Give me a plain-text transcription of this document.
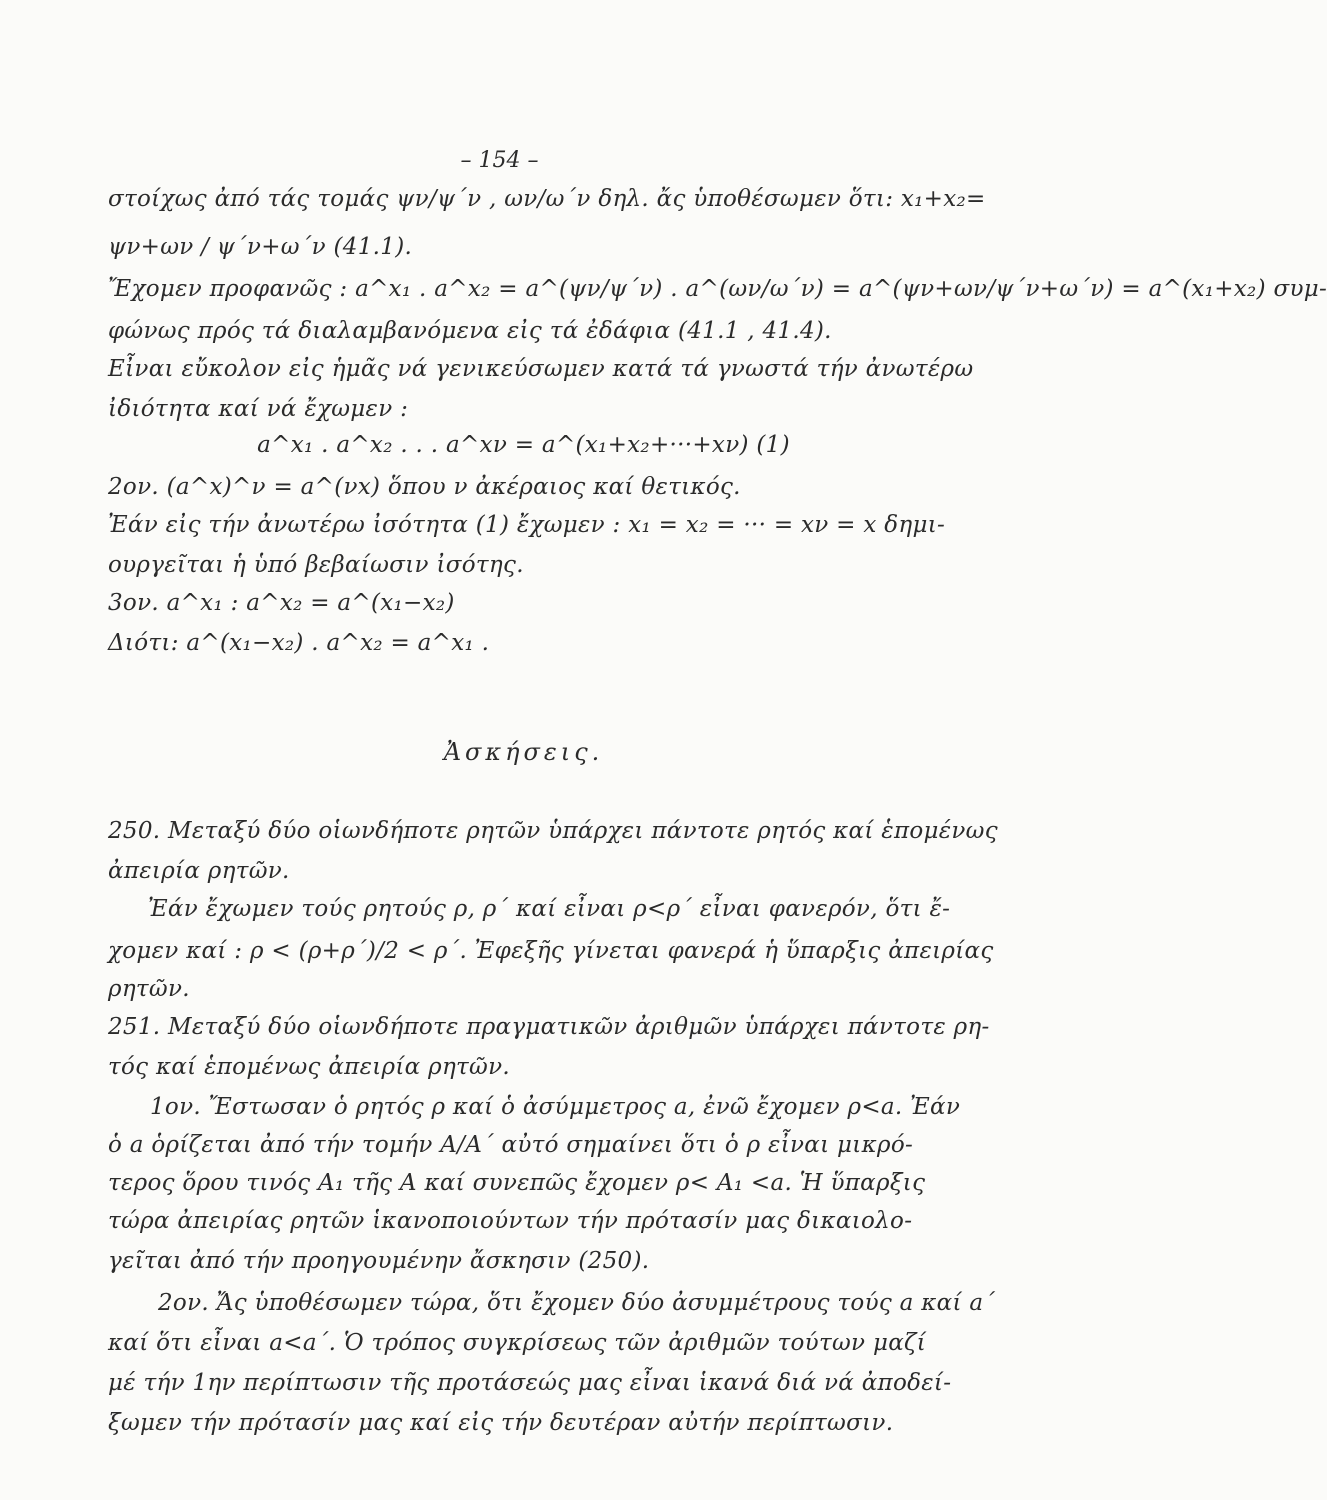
– 154 –
στοίχως ἀπό τάς τομάς ψν/ψ΄ν , ων/ω΄ν δηλ. ἄς ὑποθέσωμεν ὅτι: x₁+x₂=
ψν+ων / ψ΄ν+ω΄ν (41.1).
Ἔχομεν προφανῶς : a^x₁ . a^x₂ = a^(ψν/ψ΄ν) . a^(ων/ω΄ν) = a^(ψν+ων/ψ΄ν+ω΄ν) = a^(x₁+x₂) συμ-
φώνως πρός τά διαλαμβανόμενα εἰς τά ἐδάφια (41.1 , 41.4).
Εἶναι εὔκολον εἰς ἡμᾶς νά γενικεύσωμεν κατά τά γνωστά τήν ἀνωτέρω
ἰδιότητα καί νά ἔχωμεν :
a^x₁ . a^x₂ . . . a^xν = a^(x₁+x₂+···+xν) (1)
2ον. (a^x)^ν = a^(νx) ὅπου ν ἀκέραιος καί θετικός.
Ἐάν εἰς τήν ἀνωτέρω ἰσότητα (1) ἔχωμεν : x₁ = x₂ = ··· = xν = x δημι-
ουργεῖται ἡ ὑπό βεβαίωσιν ἰσότης.
3ον. a^x₁ : a^x₂ = a^(x₁−x₂)
Διότι: a^(x₁−x₂) . a^x₂ = a^x₁ .
Ἀσκήσεις.
250. Μεταξύ δύο οἱωνδήποτε ρητῶν ὑπάρχει πάντοτε ρητός καί ἑπομένως
ἀπειρία ρητῶν.
Ἐάν ἔχωμεν τούς ρητούς ρ, ρ΄ καί εἶναι ρ<ρ΄ εἶναι φανερόν, ὅτι ἔ-
χομεν καί : ρ < (ρ+ρ΄)/2 < ρ΄. Ἐφεξῆς γίνεται φανερά ἡ ὕπαρξις ἀπειρίας
ρητῶν.
251. Μεταξύ δύο οἱωνδήποτε πραγματικῶν ἀριθμῶν ὑπάρχει πάντοτε ρη-
τός καί ἑπομένως ἀπειρία ρητῶν.
1ον. Ἔστωσαν ὁ ρητός ρ καί ὁ ἀσύμμετρος a, ἐνῶ ἔχομεν ρ<a. Ἐάν
ὁ a ὁρίζεται ἀπό τήν τομήν A/A΄ αὐτό σημαίνει ὅτι ὁ ρ εἶναι μικρό-
τερος ὅρου τινός A₁ τῆς A καί συνεπῶς ἔχομεν ρ< A₁ <a. Ἡ ὕπαρξις
τώρα ἀπειρίας ρητῶν ἱκανοποιούντων τήν πρότασίν μας δικαιολο-
γεῖται ἀπό τήν προηγουμένην ἄσκησιν (250).
2ον. Ἄς ὑποθέσωμεν τώρα, ὅτι ἔχομεν δύο ἀσυμμέτρους τούς a καί a΄
καί ὅτι εἶναι a<a΄. Ὁ τρόπος συγκρίσεως τῶν ἀριθμῶν τούτων μαζί
μέ τήν 1ην περίπτωσιν τῆς προτάσεώς μας εἶναι ἱκανά διά νά ἀποδεί-
ξωμεν τήν πρότασίν μας καί εἰς τήν δευτέραν αὐτήν περίπτωσιν.
